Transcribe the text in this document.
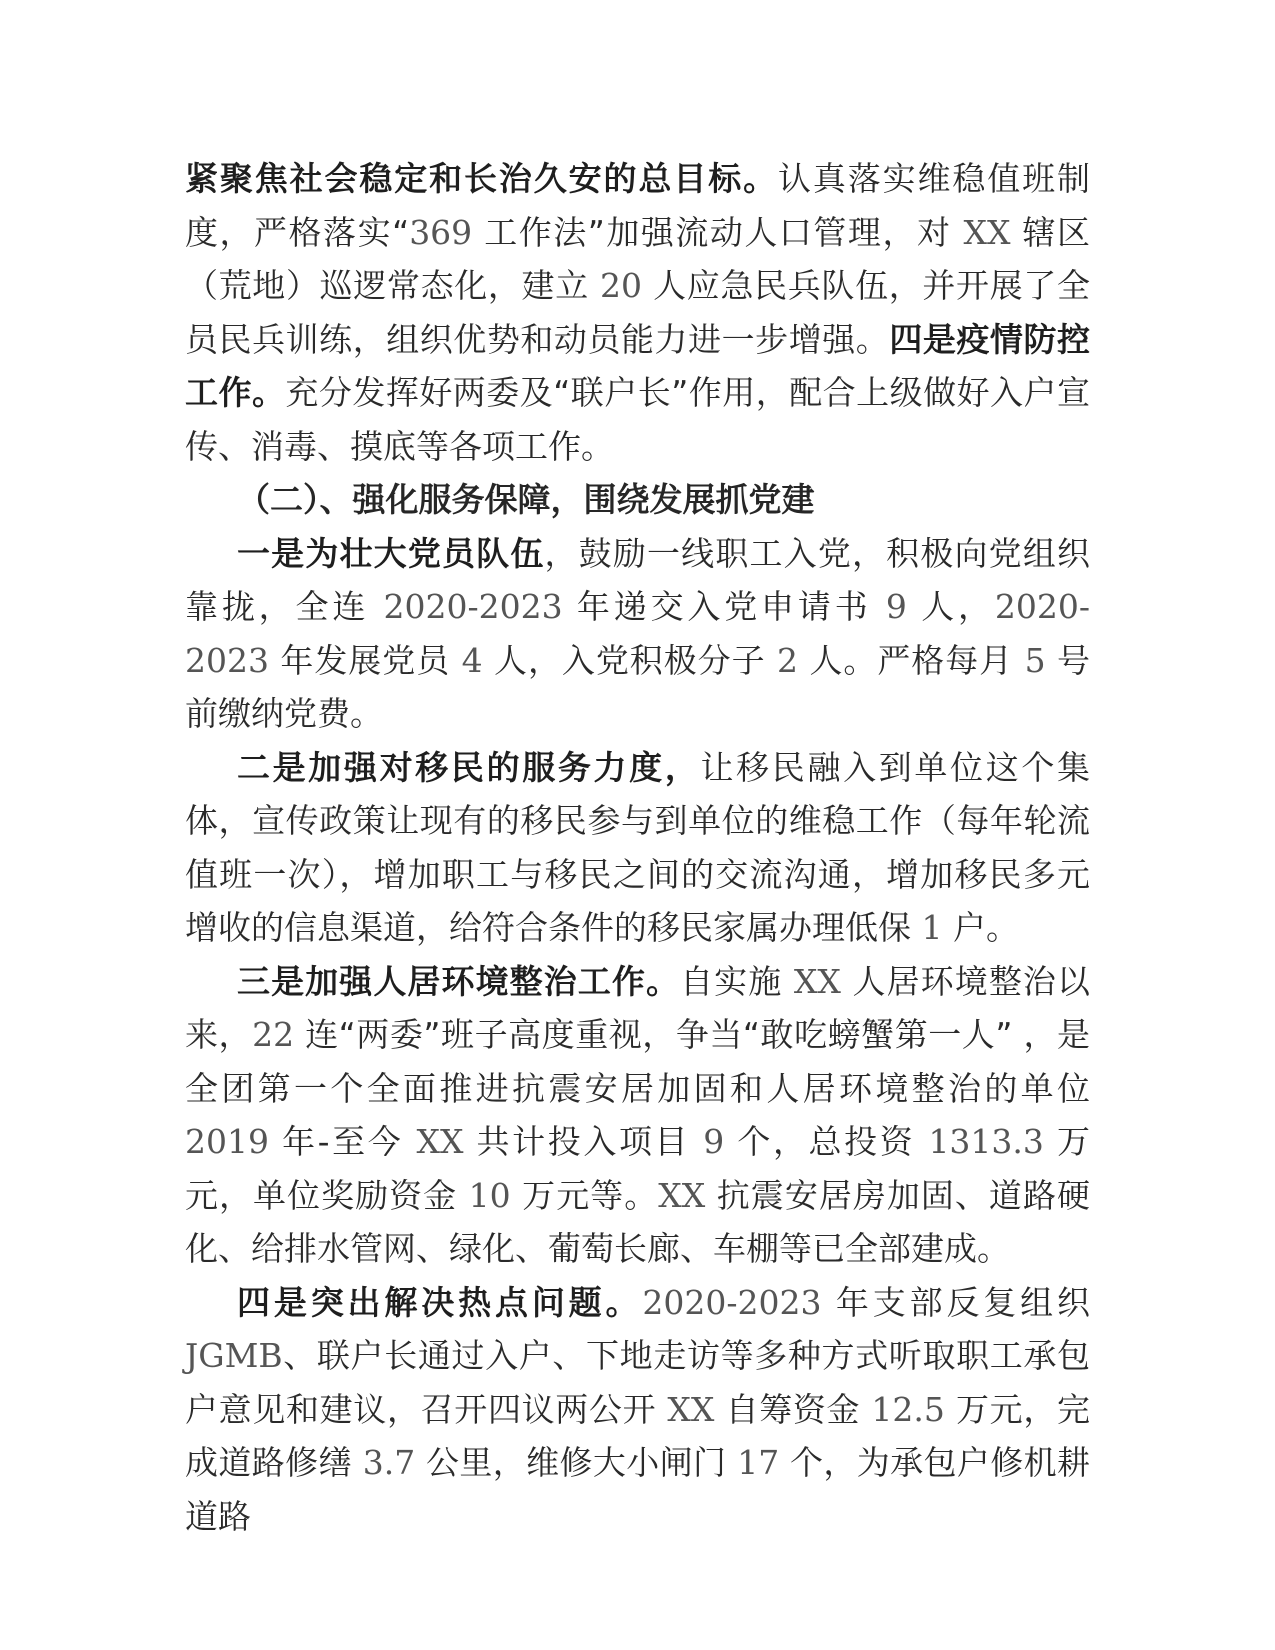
紧聚焦社会稳定和长治久安的总目标。认真落实维稳值班制度，严格落实“369 工作法”加强流动人口管理，对 XX 辖区（荒地）巡逻常态化，建立 20 人应急民兵队伍，并开展了全员民兵训练，组织优势和动员能力进一步增强。四是疫情防控工作。充分发挥好两委及“联户长”作用，配合上级做好入户宣传、消毒、摸底等各项工作。

（二）、强化服务保障，围绕发展抓党建

一是为壮大党员队伍，鼓励一线职工入党，积极向党组织靠拢，全连 2020-2023 年递交入党申请书 9 人，2020-2023 年发展党员 4 人，入党积极分子 2 人。严格每月 5 号前缴纳党费。

二是加强对移民的服务力度，让移民融入到单位这个集体，宣传政策让现有的移民参与到单位的维稳工作（每年轮流值班一次），增加职工与移民之间的交流沟通，增加移民多元增收的信息渠道，给符合条件的移民家属办理低保 1 户。

三是加强人居环境整治工作。自实施 XX 人居环境整治以来，22 连“两委”班子高度重视，争当“敢吃螃蟹第一人” ，是全团第一个全面推进抗震安居加固和人居环境整治的单位 2019 年-至今 XX 共计投入项目 9 个，总投资 1313.3 万元，单位奖励资金 10 万元等。XX 抗震安居房加固、道路硬化、给排水管网、绿化、葡萄长廊、车棚等已全部建成。

四是突出解决热点问题。2020-2023 年支部反复组织 JGMB、联户长通过入户、下地走访等多种方式听取职工承包户意见和建议，召开四议两公开 XX 自筹资金 12.5 万元，完成道路修缮 3.7 公里，维修大小闸门 17 个，为承包户修机耕道路
